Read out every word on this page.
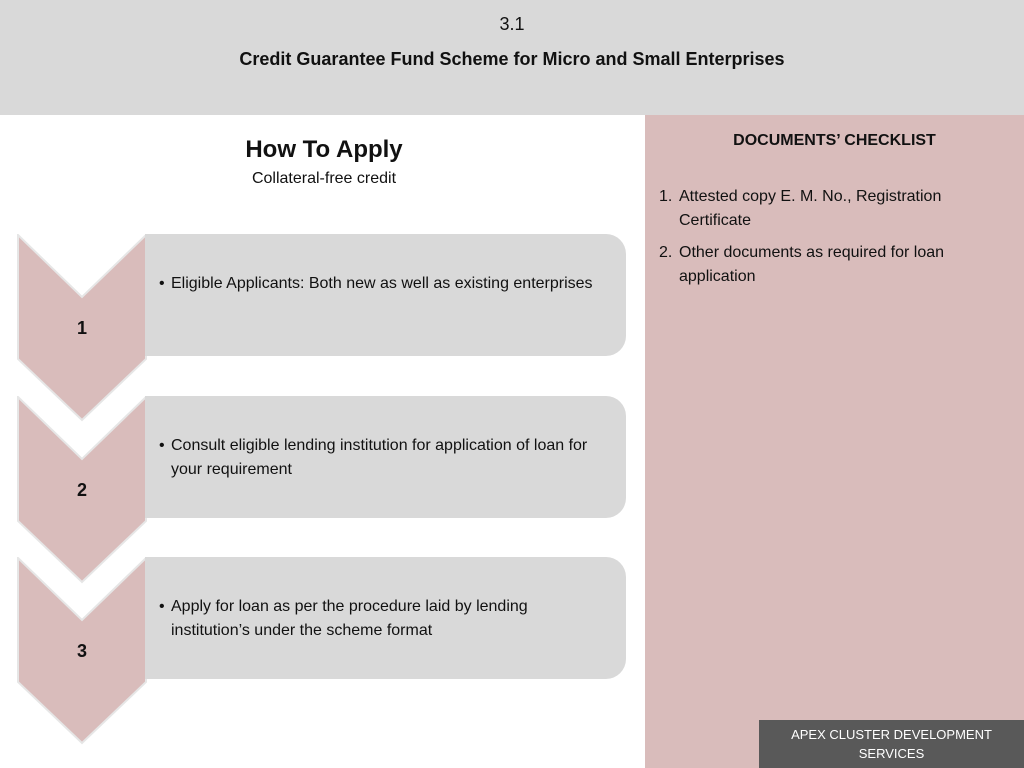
3.1
Credit Guarantee Fund Scheme for Micro and Small Enterprises
How To Apply
Collateral-free credit
1
• Eligible Applicants: Both new as well as existing enterprises
2
• Consult eligible lending institution for application of loan for your requirement
3
• Apply for loan as per the procedure laid by lending institution’s under the scheme format
DOCUMENTS’ CHECKLIST
1. Attested copy E. M. No., Registration Certificate
2. Other documents as required for loan application
APEX CLUSTER DEVELOPMENT SERVICES
